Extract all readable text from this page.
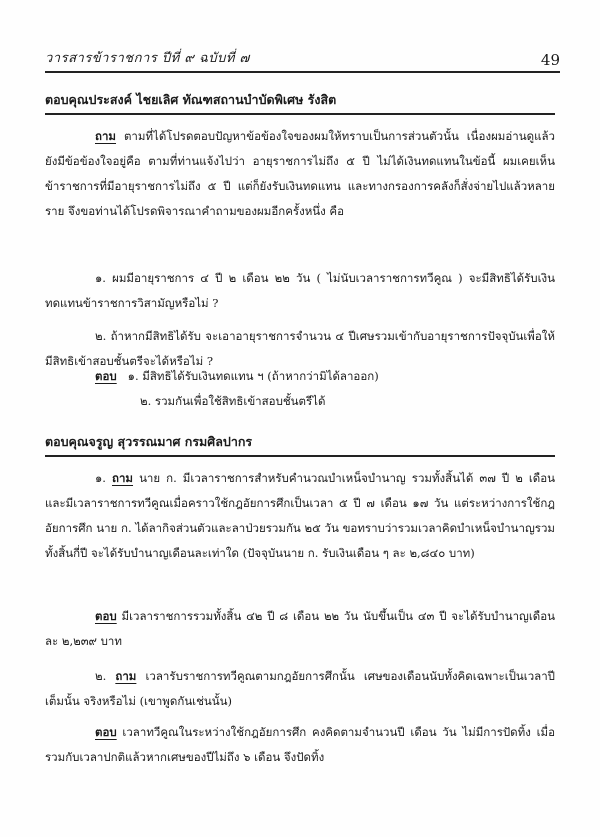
วารสารข้าราชการ ปีที่ ๙ ฉบับที่ ๗	49
ตอบคุณประสงค์ ไชยเลิศ ทัณฑสถานบำบัดพิเศษ รังสิต
ถาม ตามที่ได้โปรดตอบปัญหาข้อข้องใจของผมให้ทราบเป็นการส่วนตัวนั้น เนื่องผมอ่านดูแล้วยังมีข้อข้องใจอยู่คือ ตามที่ท่านแจ้งไปว่า อายุราชการไม่ถึง ๕ ปี ไม่ได้เงินทดแทนในข้อนี้ ผมเคยเห็นข้าราชการที่มีอายุราชการไม่ถึง ๕ ปี แต่ก็ยังรับเงินทดแทน และทางกรองการคลังก็สั่งจ่ายไปแล้วหลายราย จึงขอท่านได้โปรดพิจารณาคำถามของผมอีกครั้งหนึ่ง คือ
๑. ผมมีอายุราชการ ๔ ปี ๒ เดือน ๒๒ วัน ( ไม่นับเวลาราชการทวีคูณ ) จะมีสิทธิได้รับเงินทดแทนข้าราชการวิสามัญหรือไม่ ?
๒. ถ้าหากมีสิทธิได้รับ จะเอาอายุราชการจำนวน ๔ ปีเศษรวมเข้ากับอายุราชการปัจจุบันเพื่อให้มีสิทธิเข้าสอบชั้นตรีจะได้หรือไม่ ?
ตอบ ๑. มีสิทธิได้รับเงินทดแทน ฯ (ถ้าหากว่ามิได้ลาออก)
๒. รวมกันเพื่อใช้สิทธิเข้าสอบชั้นตรีได้
ตอบคุณจรูญ สุวรรณมาศ กรมศิลปากร
๑. ถาม นาย ก. มีเวลาราชการสำหรับคำนวณบำเหน็จบำนาญ รวมทั้งสิ้นได้ ๓๗ ปี ๒ เดือน และมีเวลาราชการทวีคูณเมื่อคราวใช้กฎอัยการศึกเป็นเวลา ๕ ปี ๗ เดือน ๑๗ วัน แต่ระหว่างการใช้กฎอัยการศึก นาย ก. ได้ลากิจส่วนตัวและลาป่วยรวมกัน ๒๕ วัน ขอทราบว่ารวมเวลาคิดบำเหน็จบำนาญรวมทั้งสิ้นกี่ปี จะได้รับบำนาญเดือนละเท่าใด (ปัจจุบันนาย ก. รับเงินเดือน ๆ ละ ๒,๘๔๐ บาท)
ตอบ มีเวลาราชการรวมทั้งสิ้น ๔๒ ปี ๘ เดือน ๒๒ วัน นับขึ้นเป็น ๔๓ ปี จะได้รับบำนาญเดือนละ ๒,๒๓๙ บาท
๒. ถาม เวลารับราชการทวีคูณตามกฎอัยการศึกนั้น เศษของเดือนนับทั้งคิดเฉพาะเป็นเวลาปีเต็มนั้น จริงหรือไม่ (เขาพูดกันเช่นนั้น)
ตอบ เวลาทวีคูณในระหว่างใช้กฎอัยการศึก คงคิดตามจำนวนปี เดือน วัน ไม่มีการปัดทิ้ง เมื่อรวมกับเวลาปกติแล้วหากเศษของปีไม่ถึง ๖ เดือน จึงปัดทิ้ง
